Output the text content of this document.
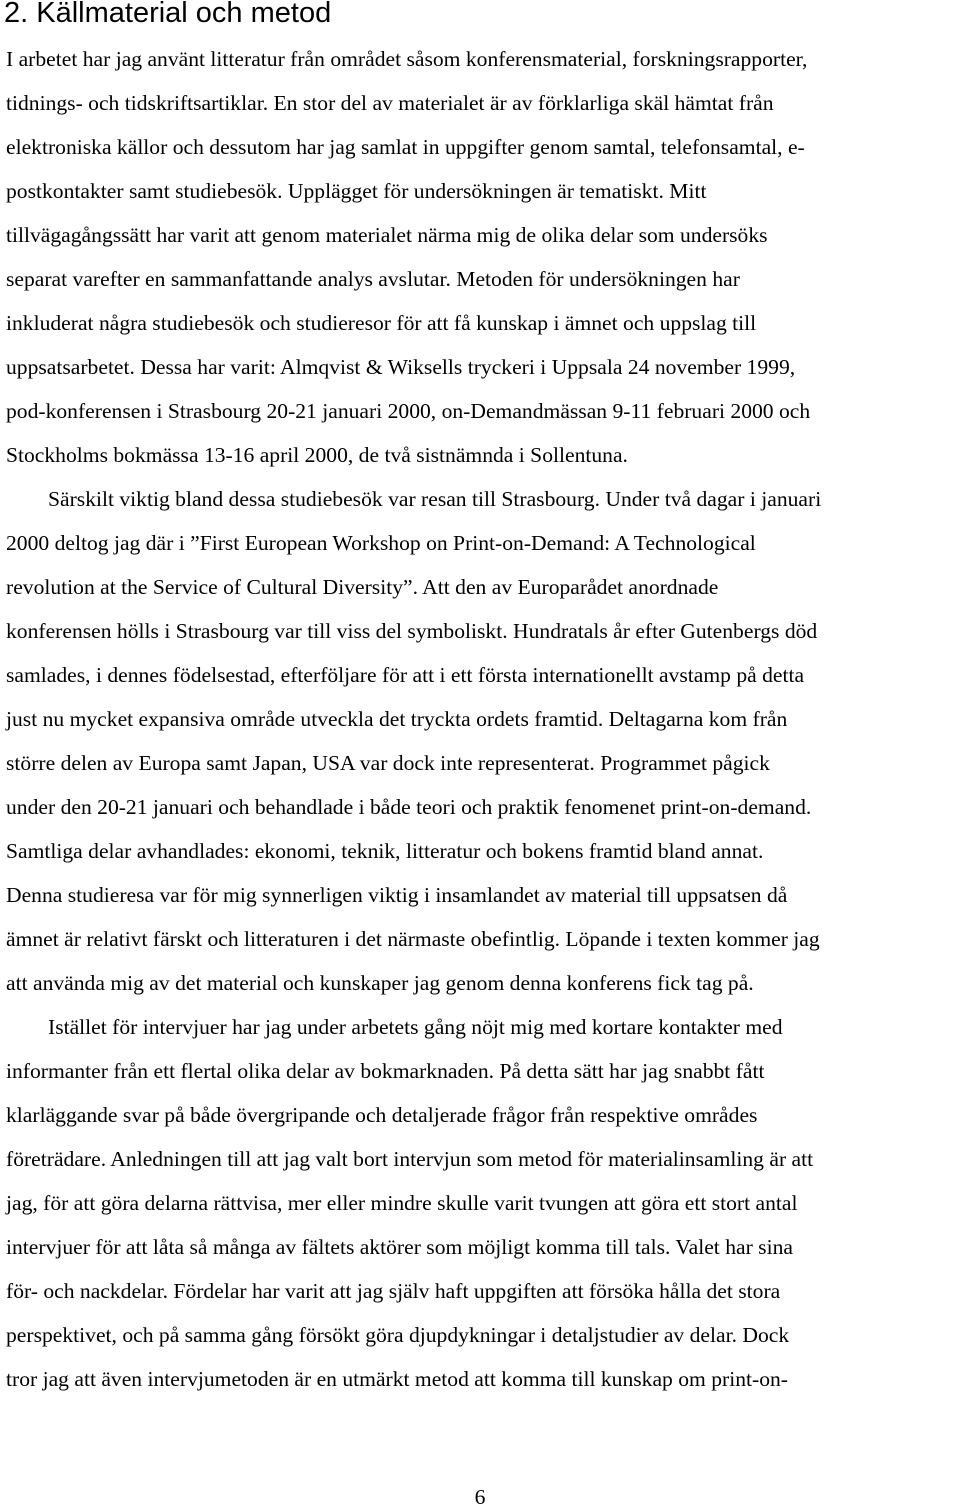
2. Källmaterial och metod

I arbetet har jag använt litteratur från området såsom konferensmaterial, forskningsrapporter,

tidnings- och tidskriftsartiklar. En stor del av materialet är av förklarliga skäl hämtat från

elektroniska källor och dessutom har jag samlat in uppgifter genom samtal, telefonsamtal, e-

postkontakter samt studiebesök. Upplägget för undersökningen är tematiskt. Mitt

tillvägagångssätt har varit att genom materialet närma mig de olika delar som undersöks

separat varefter en sammanfattande analys avslutar. Metoden för undersökningen har

inkluderat några studiebesök och studieresor för att få kunskap i ämnet och uppslag till

uppsatsarbetet. Dessa har varit: Almqvist & Wiksells tryckeri i Uppsala 24 november 1999,

pod-konferensen i Strasbourg 20-21 januari 2000, on-Demandmässan 9-11 februari 2000 och

Stockholms bokmässa 13-16 april 2000, de två sistnämnda i Sollentuna.

Särskilt viktig bland dessa studiebesök var resan till Strasbourg. Under två dagar i januari

2000 deltog jag där i ”First European Workshop on Print-on-Demand: A Technological

revolution at the Service of Cultural Diversity”. Att den av Europarådet anordnade

konferensen hölls i Strasbourg var till viss del symboliskt. Hundratals år efter Gutenbergs död

samlades, i dennes födelsestad, efterföljare för att i ett första internationellt avstamp på detta

just nu mycket expansiva område utveckla det tryckta ordets framtid. Deltagarna kom från

större delen av Europa samt Japan, USA var dock inte representerat. Programmet pågick

under den 20-21 januari och behandlade i både teori och praktik fenomenet print-on-demand.

Samtliga delar avhandlades: ekonomi, teknik, litteratur och bokens framtid bland annat.

Denna studieresa var för mig synnerligen viktig i insamlandet av material till uppsatsen då

ämnet är relativt färskt och litteraturen i det närmaste obefintlig. Löpande i texten kommer jag

att använda mig av det material och kunskaper jag genom denna konferens fick tag på.

Istället för intervjuer har jag under arbetets gång nöjt mig med kortare kontakter med

informanter från ett flertal olika delar av bokmarknaden. På detta sätt har jag snabbt fått

klarläggande svar på både övergripande och detaljerade frågor från respektive områdes

företrädare. Anledningen till att jag valt bort intervjun som metod för materialinsamling är att

jag, för att göra delarna rättvisa, mer eller mindre skulle varit tvungen att göra ett stort antal

intervjuer för att låta så många av fältets aktörer som möjligt komma till tals. Valet har sina

för- och nackdelar. Fördelar har varit att jag själv haft uppgiften att försöka hålla det stora

perspektivet, och på samma gång försökt göra djupdykningar i detaljstudier av delar. Dock

tror jag att även intervjumetoden är en utmärkt metod att komma till kunskap om print-on-

6
